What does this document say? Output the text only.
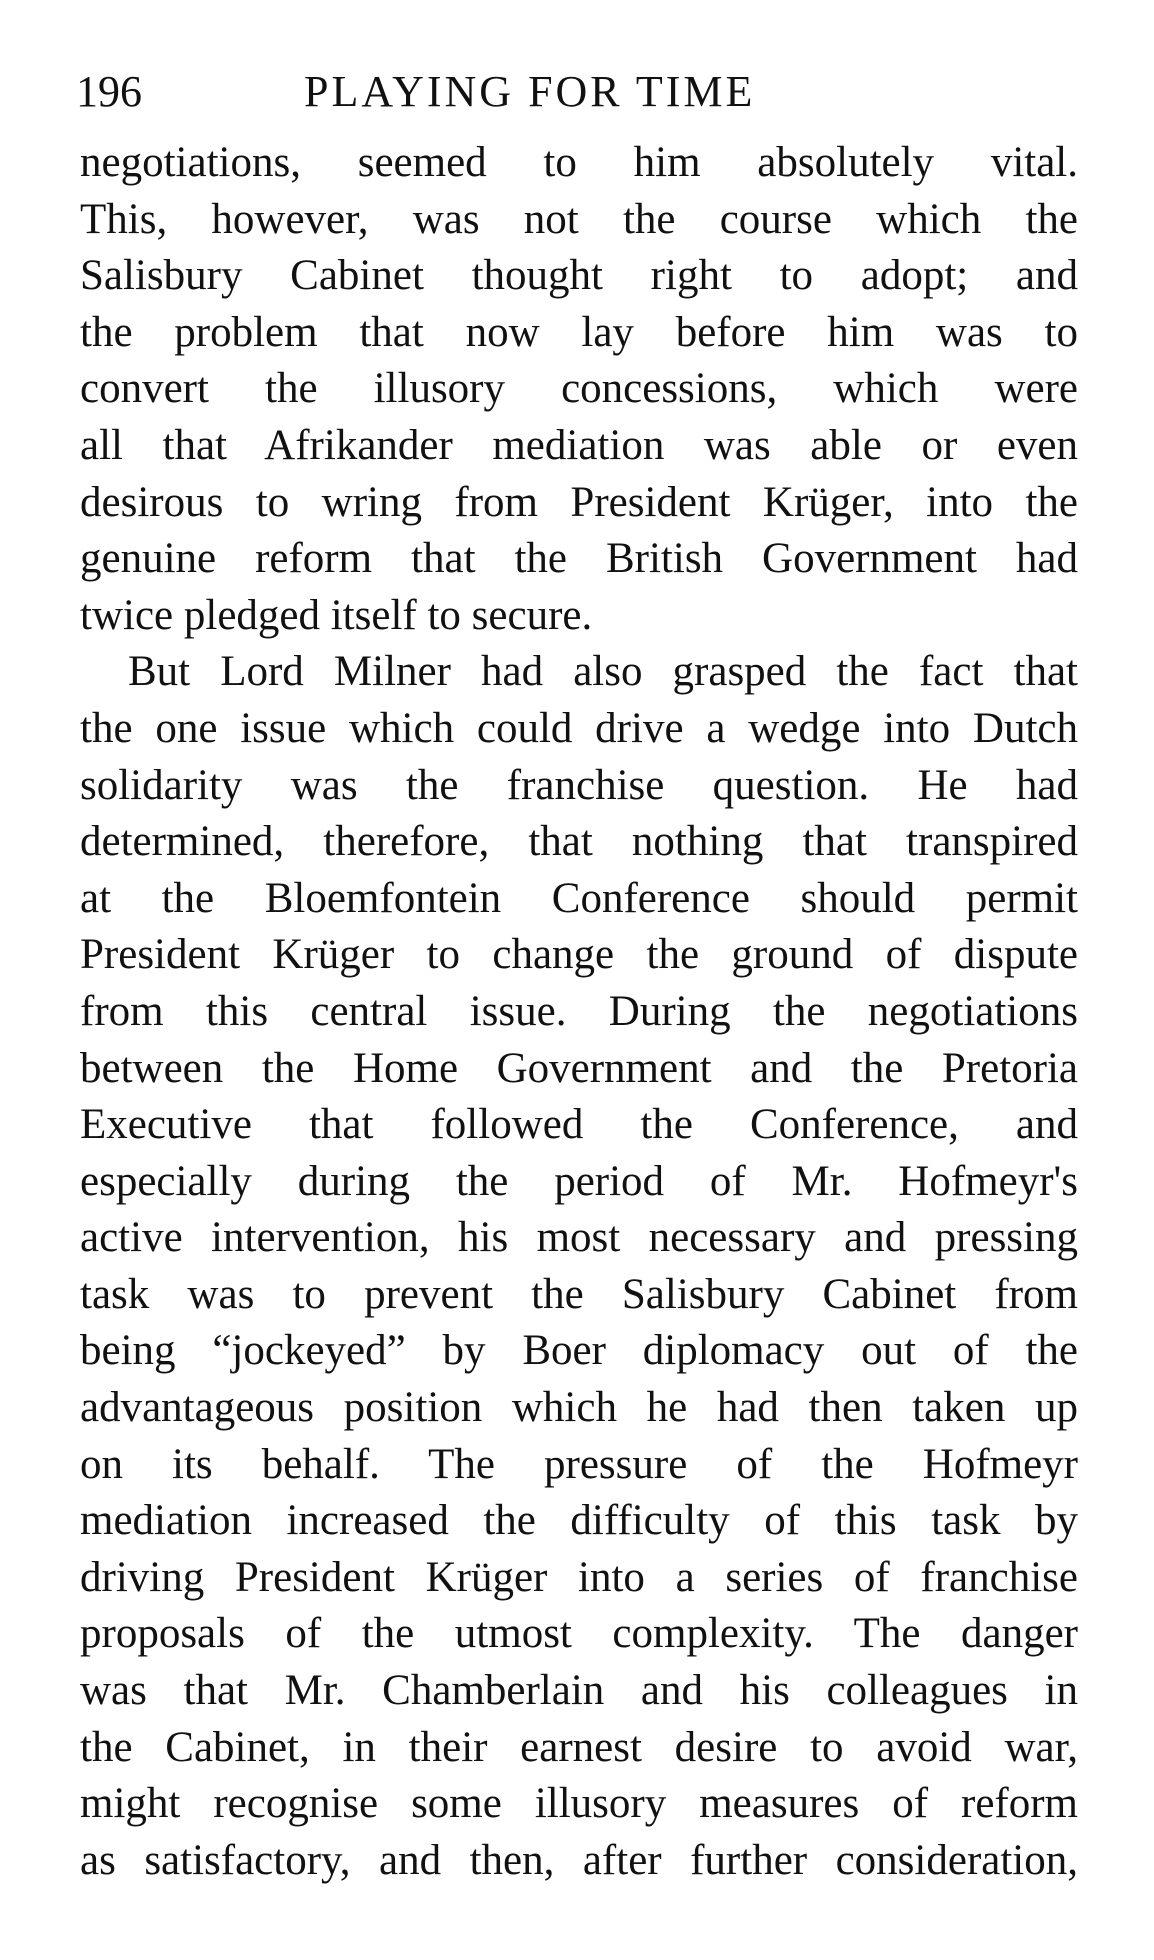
196	PLAYING FOR TIME
negotiations, seemed to him absolutely vital.
This, however, was not the course which the
Salisbury Cabinet thought right to adopt; and
the problem that now lay before him was to
convert the illusory concessions, which were
all that Afrikander mediation was able or even
desirous to wring from President Krüger, into the
genuine reform that the British Government had
twice pledged itself to secure.
But Lord Milner had also grasped the fact that
the one issue which could drive a wedge into Dutch
solidarity was the franchise question. He had
determined, therefore, that nothing that transpired
at the Bloemfontein Conference should permit
President Krüger to change the ground of dispute
from this central issue. During the negotiations
between the Home Government and the Pretoria
Executive that followed the Conference, and
especially during the period of Mr. Hofmeyr's
active intervention, his most necessary and pressing
task was to prevent the Salisbury Cabinet from
being “jockeyed” by Boer diplomacy out of the
advantageous position which he had then taken up
on its behalf. The pressure of the Hofmeyr
mediation increased the difficulty of this task by
driving President Krüger into a series of franchise
proposals of the utmost complexity. The danger
was that Mr. Chamberlain and his colleagues in
the Cabinet, in their earnest desire to avoid war,
might recognise some illusory measures of reform
as satisfactory, and then, after further consideration,
